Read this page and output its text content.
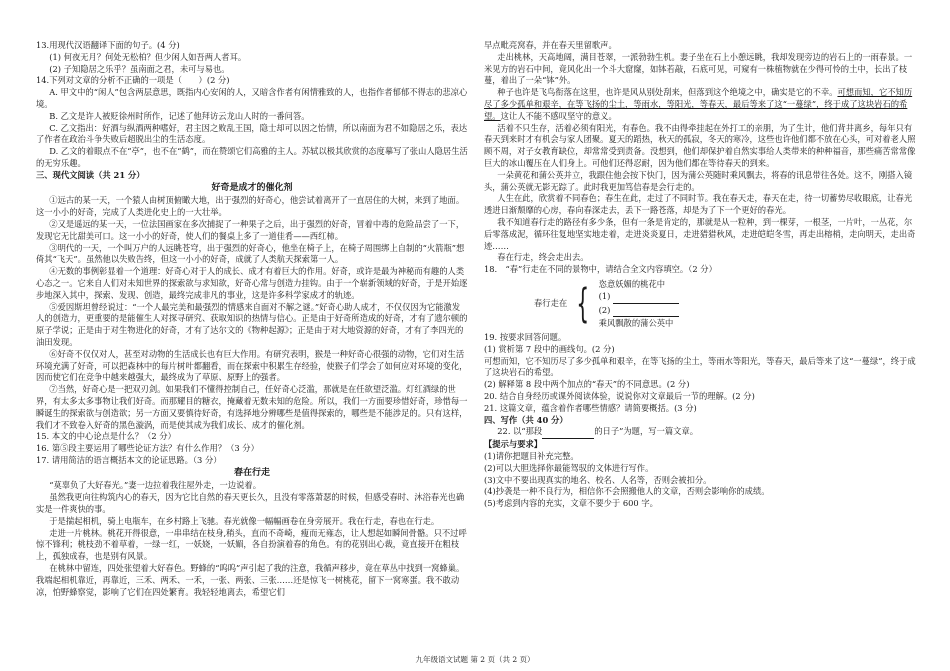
13.用现代汉语翻译下面的句子。(4 分)

(1) 何夜无月？何处无松柏？但少闲人如吾两人者耳。

(2) 子知隐居之乐乎？虽南面之君，未可与易也。

14.下列对文章的分析不正确的一项是（　　）(2 分)

A. 甲文中的“闲人”包含两层意思，既指内心安闲的人，又暗含作者有闲情雅致的人，也指作者郁郁不得志的悲凉心境。

B. 乙文是许人被贬徐州时所作，记述了他拜访云龙山人时的一番问答。

C. 乙文指出：好酒与纵酒两种嗜好，君主因之败乱王国，隐士却可以因之怡情，所以南面为君不如隐居之乐，表达了作者在政治斗争失败后超脱出尘的生活态度。

D. 乙文的着眼点不在“亭”，也不在“鹤”，而在赞颂它们高雅的主人。苏轼以极其欣赏的态度摹写了张山人隐居生活的无穷乐趣。

三、现代文阅读（共 21 分）

好奇是成才的催化剂

①远古的某一天，一个猿人由树顶俯瞰大地，出于强烈的好奇心，他尝试着离开了一直居住的大树，来到了地面。这一小小的好奇，完成了人类进化史上的一大壮举。

②又是遥远的某一天，一位法国画家在多次捕捉了一种果子之后，出于强烈的好奇，冒着中毒的危险品尝了一下，发现它无比甜美可口。这一小小的好奇，使人们的餐桌上多了一道佳肴——西红柿。

③明代的一天，一个叫万户的人远眺苍穹，出于强烈的好奇心，他坐在椅子上，在椅子周围绑上自制的“火箭瓶”想倚其“飞天”。虽然他以失败告终，但这一小小的好奇，成就了人类航天探索第一人。

④无数的事例彰显着一个道理：好奇心对于人的成长、成才有着巨大的作用。好奇，或许是最为神秘而有趣的人类心态之一。它来自人们对未知世界的探索欲与求知欲，好奇心常与创造力挂钩。由于一个崭新领域的好奇，于是开始逐步地深入其中，探索、发现、创造，最终完成非凡的事业，这是许多科学家成才的轨迹。

⑤爱因斯坦曾经说过：“一个人最完美和最强烈的情感来自面对不解之谜。”好奇心助人成才，不仅仅因为它能激发人的创造力，更重要的是能催生人对探寻研究、获取知识的热情与信心。正是由于好奇所造成的好奇，才有了遗尔顿的原子学说；正是由于对生物进化的好奇，才有了达尔文的《物种起源》；正是由于对大地资源的好奇，才有了李四光的油田发现。

⑥好奇不仅仅对人，甚至对动物的生活成长也有巨大作用。有研究表明，猴是一种好奇心很强的动物，它们对生活环境充满了好奇，可以把森林中的每片树叶都翻看，而在探索中积累生存经验，使猴子们学会了如何应对环境的变化，因而使它们在竞争中越来越强大，最终成为了草原、原野上的强者。

⑦当然，好奇心是一把双刃剑。如果我们不懂得控制自己，任好奇心泛滥，那就是在任欲望泛滥。灯红酒绿的世界，有太多太多事物让我们好奇。而那耀目的糖衣，掩藏着无数未知的危险。所以，我们一方面要珍惜好奇，珍惜每一瞬诞生的探索欲与创造欲；另一方面又要慎待好奇，有选择地分辨哪些是值得探索的，哪些是不能涉足的。只有这样，我们才不致卷入好奇的黑色漩涡，而是使其成为我们成长、成才的催化剂。

15. 本文的中心论点是什么？（2 分）

16. 第⑤段主要运用了哪些论证方法？有什么作用？（3 分）

17. 请用简洁的语言概括本文的论证思路。（3 分）

春在行走

“莫辜负了大好春光。”妻一边拉着我往屋外走，一边说着。

虽然我更向往构筑内心的春天，因为它比自然的春天更长久，且没有零落萧瑟的时候，但感受春时、沐浴春光也确实是一件爽快的事。

于是揣起相机，骑上电瓶车，在乡村路上飞驰。春光就像一幅幅画卷在身旁展开。我在行走，春也在行走。

走进一片桃林。桃花开得很意，一串串结在枝身,稍头，直而不奇崎，瘦而无雍态，让人想起如瞬间骨骼。只不过呼惊不锋利；桃枝劲不着草着，一绿一红，一妖娆，一妖媚，各自扮演着春的角色。有的花别出心裁，竟直接开在粗枝上，孤独成春，也是别有风景。

在桃林中留连，四处张望着大好春色。野蜂的“呜呜”声引起了我的注意，我循声移步，竟在草丛中找到一窝蜂巢。我端起相机靠近，再靠近，三禾、两禾、一禾，一张、两张、三张……还是惊飞一树桃花，留下一窝寒蛋。我不敢动凉，怕野蜂察觉，影响了它们在四处繁育。我轻轻地离去，希望它们

早点毗亮窝春，并在春天里留歌声。

走出桃林，天高地阔，满目苍翠，一派勃勃生机。妻子坐在石上小憩远眺，我却发现旁边的岩石上的一雨春景。一米见方的岩石中间，竟风化出一个斗大窟窿，如钵若敲，石底可见，可窥有一株植物就在少得可怜的土中，长出了枝蔓，着出了一朵“钵”外。

种子也许是飞鸟衔落在这里，也许是风从别处刮来，但落到这个绝境之中，确实是它的不幸。可想而知，它不知历尽了多少孤单和艰辛，在等飞扬的尘土，等雨水，等阳光，等春天，最后等来了这“一蔓绿”，终于成了这块岩石的希望。这让人不能不感叹坚守的意义。

活着不只生存，活着必须有阳光，有春色。我不由得牵挂起在外打工的亲朋，为了生计，他们背井离乡，每年只有春天到来时才有机会与家人团聚。夏天的蹈热，秋天的孤寂，冬天的寒冷，这些也许他们都不放在心头，可对着老人照顾不周，对子女教育缺位，却常常受到责备。没想到，他们却保护着自然实事给人类带来的种种福音，那些痛苦常常像巨大的冰山覆压在人们身上。可他们还得忍耐，因为他们都在等待春天的到来。

一朵黄花和蒲公英并立，我跟住他会按下快门，因为蒲公英随时乘风飘去，将春的讯息带往各处。这不，刚搭入镜头，蒲公英就无影无踪了。此时我更加笃信春是会行走的。

人生在此，欣赏着不同春色；春生在此，走过了不同时节。我在春天走，春天在走，待一切蓄势尽收眼底，让春光透进日渐颓靡的心房，春向春深走去，丢下一路苍落，却是为了下一个更好的春光。

我不知道春行走的路径有多少条，但有一条是肯定的，那就是从一粒种，到一棵芽，一根茎，一片叶，一丛花，尔后零落成泥，循环往复地坚实地走着，走进炎炎夏日，走进猎猎秋风，走进皑皑冬雪，再走出榕梢，走向明天，走出奇迹……

春在行走，终会走出去。

18.　“春”行走在不同的景物中，请结合全文内容填空。（2 分）

春行走在 { 恣意妖媚的桃花中

(1)

(2)

乘风飘散的蒲公英中

19. 按要求回答问题。

(1) 赏析第 7 段中的画线句。(2 分)

可想而知，它不知历尽了多少孤单和艰辛，在等飞扬的尘土，等雨水等阳光，等春天，最后等来了这“一蔓绿”，终于成了这块岩石的希望。

(2) 解释第 8 段中两个加点的“春天”的不同意思。(2 分)

20. 结合自身经历或课外阅读体验，说说你对文章最后一节的理解。(2 分)

21. 这篇文章，蕴含着作者哪些情感？请简要概括。(3 分)

四、写作（共 40 分）

22. 以“那段	的日子”为题，写一篇文章。

【提示与要求】

(1)请你把题目补充完整。

(2)可以大胆选择你最能驾驭的文体进行写作。

(3)文中不要出现真实的地名、校名、人名等，否则会被扣分。

(4)抄袭是一种不良行为，相信你不会照搬他人的文章，否则会影响你的成绩。

(5)考虑到内容的充实，文章不要少于 600 字。

九年级语文试题 第 2 页（共 2 页）
